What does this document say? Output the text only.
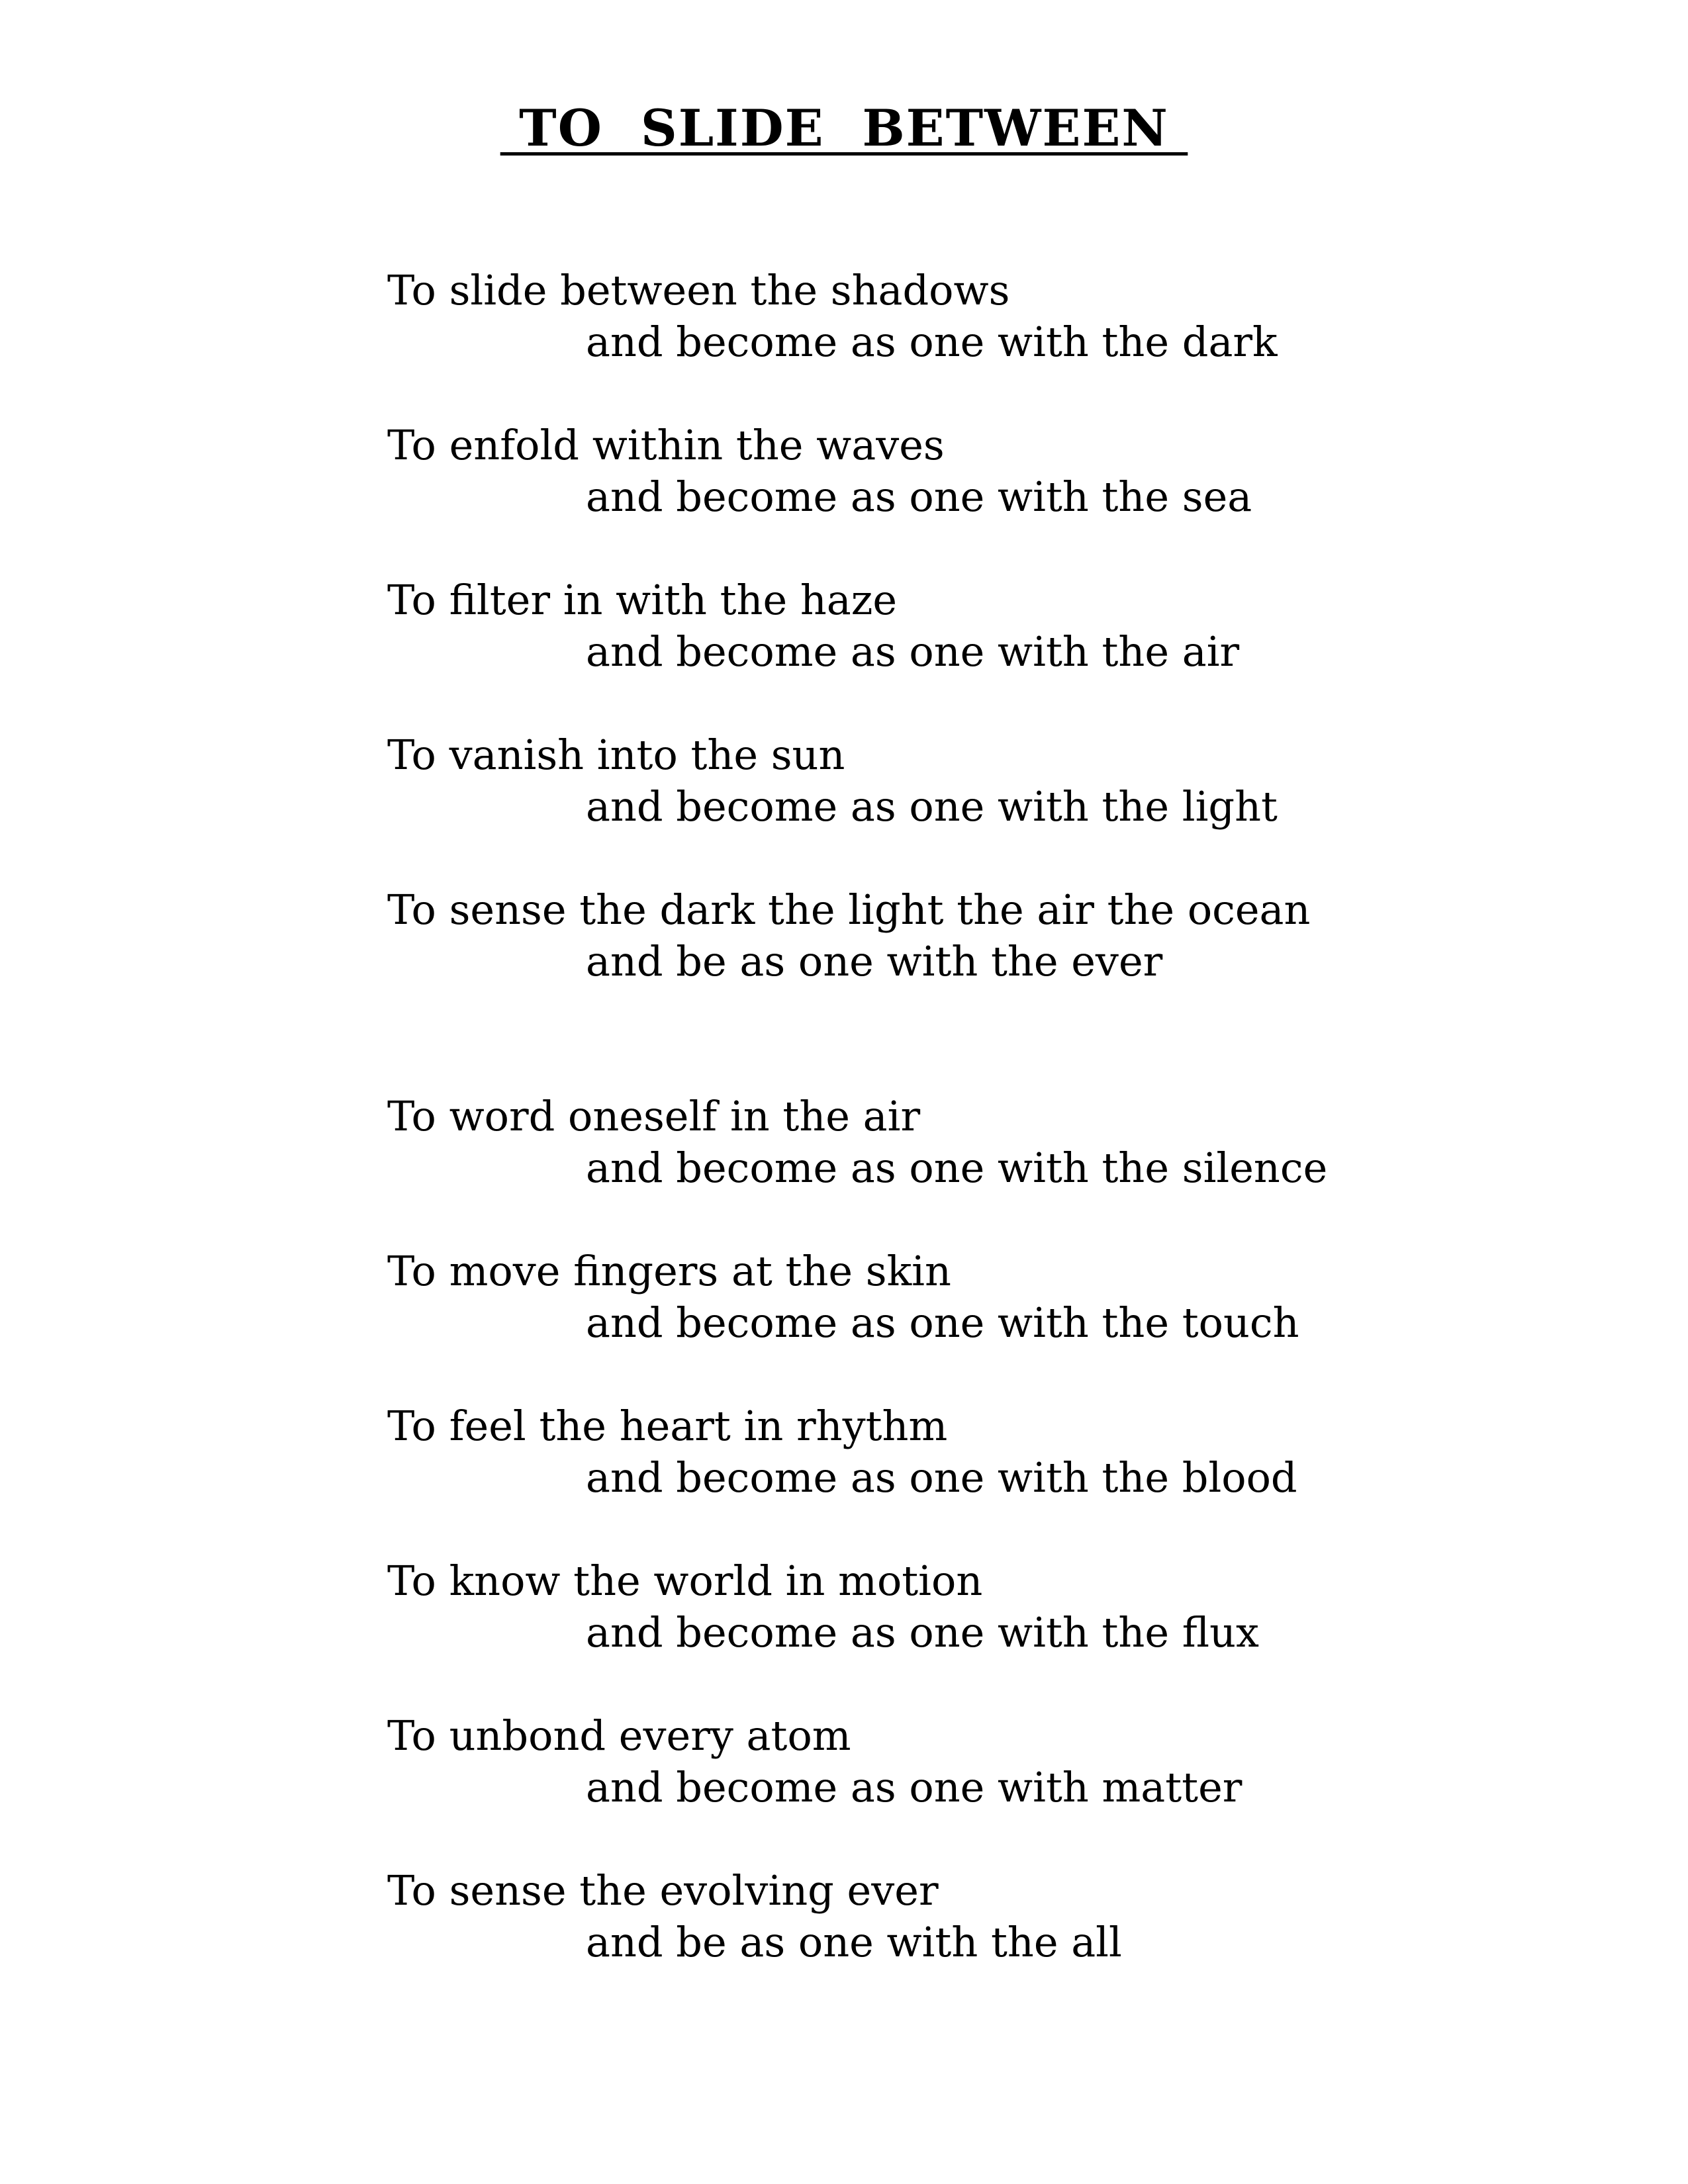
TO  SLIDE  BETWEEN
To slide between the shadows
and become as one with the dark
To enfold within the waves
and become as one with the sea
To filter in with the haze
and become as one with the air
To vanish into the sun
and become as one with the light
To sense the dark the light the air the ocean
and be as one with the ever
To word oneself in the air
and become as one with the silence
To move fingers at the skin
and become as one with the touch
To feel the heart in rhythm
and become as one with the blood
To know the world in motion
and become as one with the flux
To unbond every atom
and become as one with matter
To sense the evolving ever
and be as one with the all
